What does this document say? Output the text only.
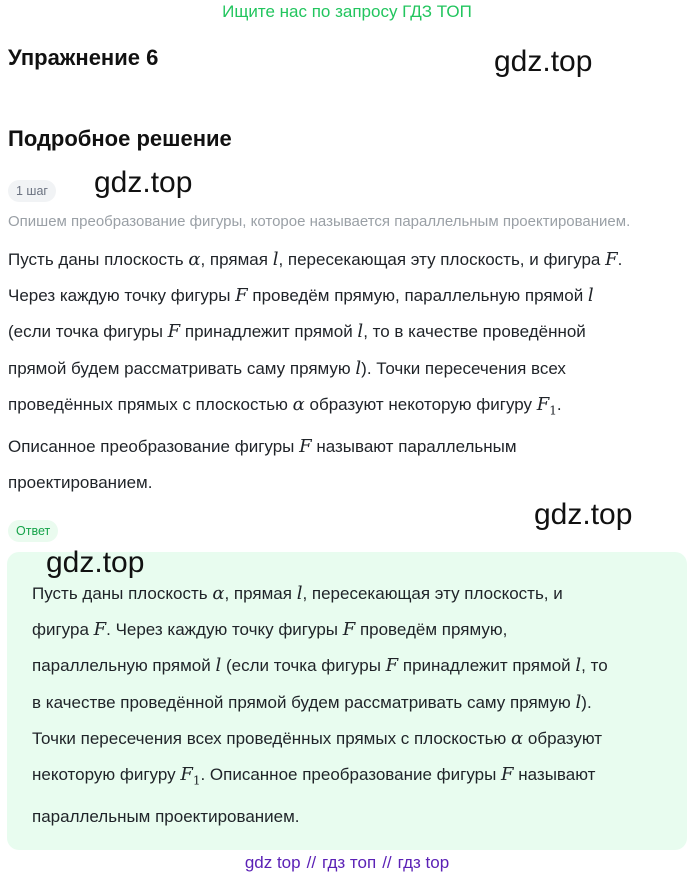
Ищите нас по запросу ГДЗ ТОП
Упражнение 6	gdz.top
Подробное решение
1 шаг gdz.top
Опишем преобразование фигуры, которое называется параллельным проектированием.
Пусть даны плоскость α, прямая l, пересекающая эту плоскость, и фигура F.
Через каждую точку фигуры F проведём прямую, параллельную прямой l
(если точка фигуры F принадлежит прямой l, то в качестве проведённой
прямой будем рассматривать саму прямую l). Точки пересечения всех
проведённых прямых с плоскостью α образуют некоторую фигуру $F_1$.
Описанное преобразование фигуры F называют параллельным
проектированием.
Ответ	gdz.top
gdz.top
Пусть даны плоскость α, прямая l, пересекающая эту плоскость, и
фигура F. Через каждую точку фигуры F проведём прямую,
параллельную прямой l (если точка фигуры F принадлежит прямой l, то
в качестве проведённой прямой будем рассматривать саму прямую l).
Точки пересечения всех проведённых прямых с плоскостью α образуют
некоторую фигуру $F_1$. Описанное преобразование фигуры F называют
параллельным проектированием.
gdz top // гдз топ // гдз top
